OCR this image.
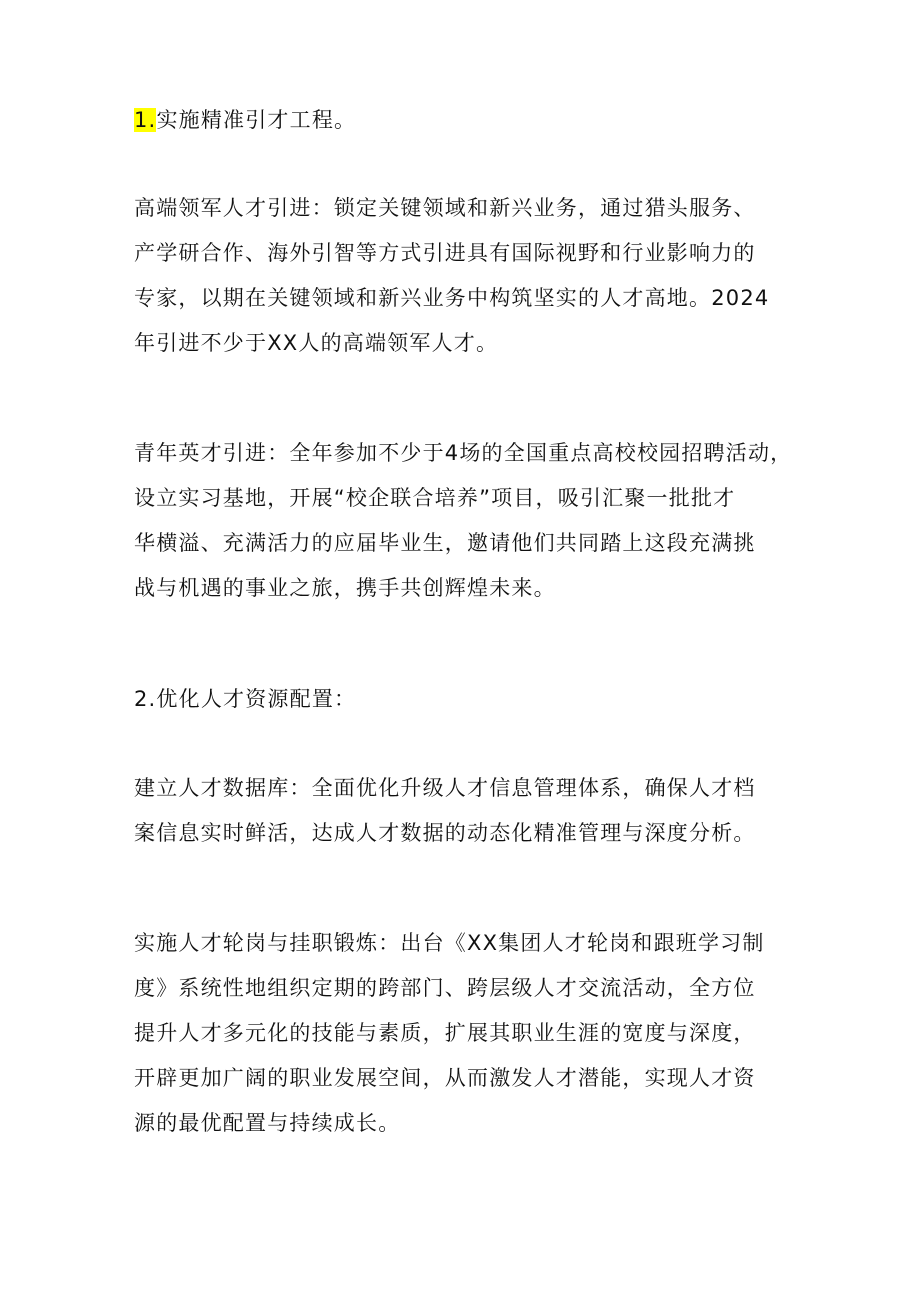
1.实施精准引才工程。

高端领军人才引进：锁定关键领域和新兴业务，通过猎头服务、
产学研合作、海外引智等方式引进具有国际视野和行业影响力的
专家，以期在关键领域和新兴业务中构筑坚实的人才高地。2024
年引进不少于XX人的高端领军人才。

青年英才引进：全年参加不少于4场的全国重点高校校园招聘活动，
设立实习基地，开展“校企联合培养”项目，吸引汇聚一批批才
华横溢、充满活力的应届毕业生，邀请他们共同踏上这段充满挑
战与机遇的事业之旅，携手共创辉煌未来。

2.优化人才资源配置：

建立人才数据库：全面优化升级人才信息管理体系，确保人才档
案信息实时鲜活，达成人才数据的动态化精准管理与深度分析。

实施人才轮岗与挂职锻炼：出台《XX集团人才轮岗和跟班学习制
度》系统性地组织定期的跨部门、跨层级人才交流活动，全方位
提升人才多元化的技能与素质，扩展其职业生涯的宽度与深度，
开辟更加广阔的职业发展空间，从而激发人才潜能，实现人才资
源的最优配置与持续成长。
